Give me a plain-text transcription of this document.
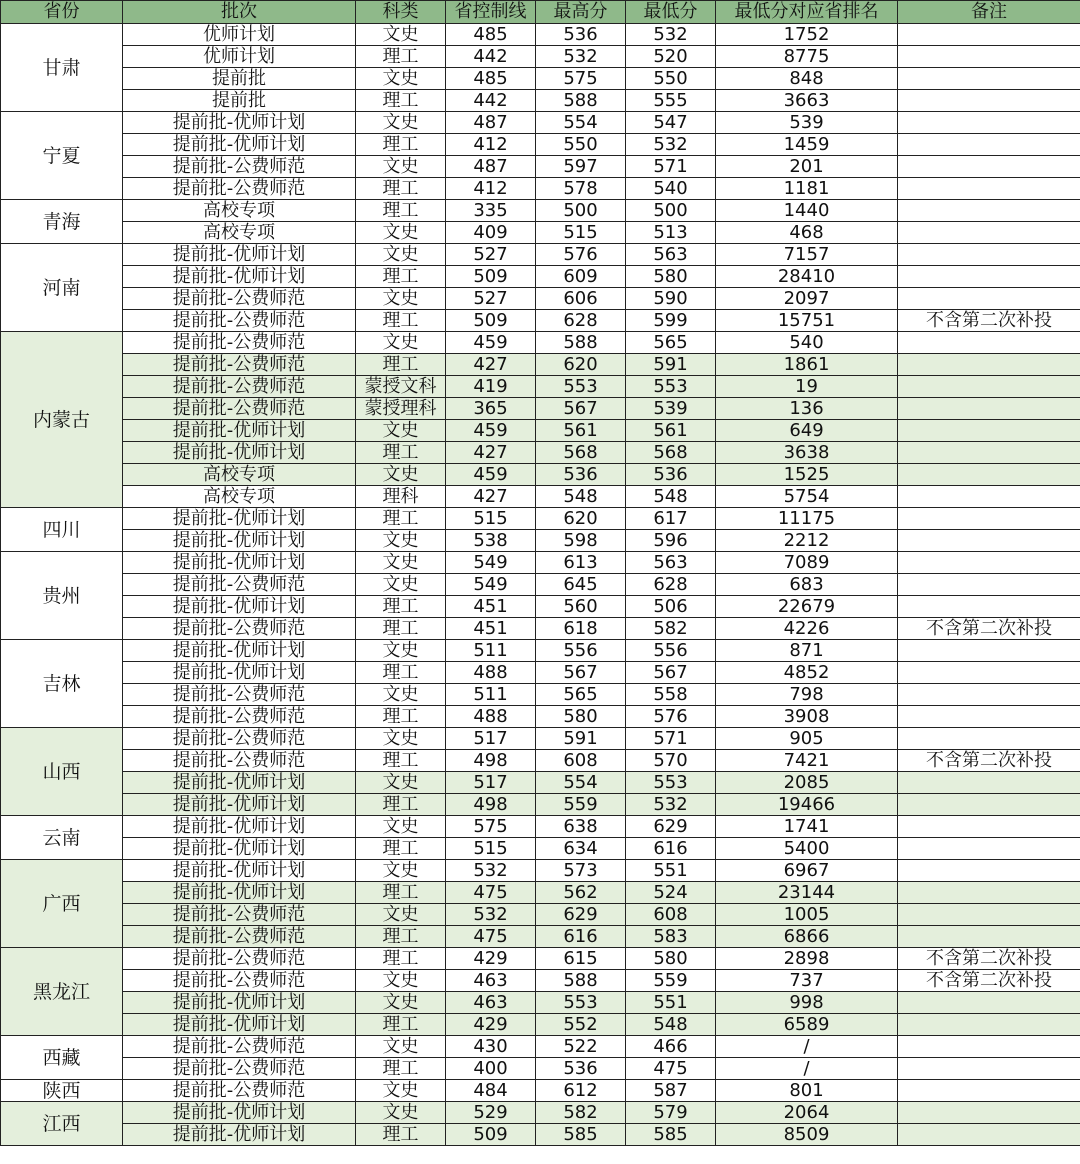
省份	批次	科类	省控制线	最高分	最低分	最低分对应省排名	备注
甘肃	优师计划	文史	485	536	532	1752	
	优师计划	理工	442	532	520	8775	
	提前批	文史	485	575	550	848	
	提前批	理工	442	588	555	3663	
宁夏	提前批-优师计划	文史	487	554	547	539	
	提前批-优师计划	理工	412	550	532	1459	
	提前批-公费师范	文史	487	597	571	201	
	提前批-公费师范	理工	412	578	540	1181	
青海	高校专项	理工	335	500	500	1440	
	高校专项	文史	409	515	513	468	
河南	提前批-优师计划	文史	527	576	563	7157	
	提前批-优师计划	理工	509	609	580	28410	
	提前批-公费师范	文史	527	606	590	2097	
	提前批-公费师范	理工	509	628	599	15751	不含第二次补投
内蒙古	提前批-公费师范	文史	459	588	565	540	
	提前批-公费师范	理工	427	620	591	1861	
	提前批-公费师范	蒙授文科	419	553	553	19	
	提前批-公费师范	蒙授理科	365	567	539	136	
	提前批-优师计划	文史	459	561	561	649	
	提前批-优师计划	理工	427	568	568	3638	
	高校专项	文史	459	536	536	1525	
	高校专项	理科	427	548	548	5754	
四川	提前批-优师计划	理工	515	620	617	11175	
	提前批-优师计划	文史	538	598	596	2212	
贵州	提前批-优师计划	文史	549	613	563	7089	
	提前批-公费师范	文史	549	645	628	683	
	提前批-优师计划	理工	451	560	506	22679	
	提前批-公费师范	理工	451	618	582	4226	不含第二次补投
吉林	提前批-优师计划	文史	511	556	556	871	
	提前批-优师计划	理工	488	567	567	4852	
	提前批-公费师范	文史	511	565	558	798	
	提前批-公费师范	理工	488	580	576	3908	
山西	提前批-公费师范	文史	517	591	571	905	
	提前批-公费师范	理工	498	608	570	7421	不含第二次补投
	提前批-优师计划	文史	517	554	553	2085	
	提前批-优师计划	理工	498	559	532	19466	
云南	提前批-优师计划	文史	575	638	629	1741	
	提前批-优师计划	理工	515	634	616	5400	
广西	提前批-优师计划	文史	532	573	551	6967	
	提前批-优师计划	理工	475	562	524	23144	
	提前批-公费师范	文史	532	629	608	1005	
	提前批-公费师范	理工	475	616	583	6866	
黑龙江	提前批-公费师范	理工	429	615	580	2898	不含第二次补投
	提前批-公费师范	文史	463	588	559	737	不含第二次补投
	提前批-优师计划	文史	463	553	551	998	
	提前批-优师计划	理工	429	552	548	6589	
西藏	提前批-公费师范	文史	430	522	466	/	
	提前批-公费师范	理工	400	536	475	/	
陕西	提前批-公费师范	文史	484	612	587	801	
江西	提前批-优师计划	文史	529	582	579	2064	
	提前批-优师计划	理工	509	585	585	8509	
